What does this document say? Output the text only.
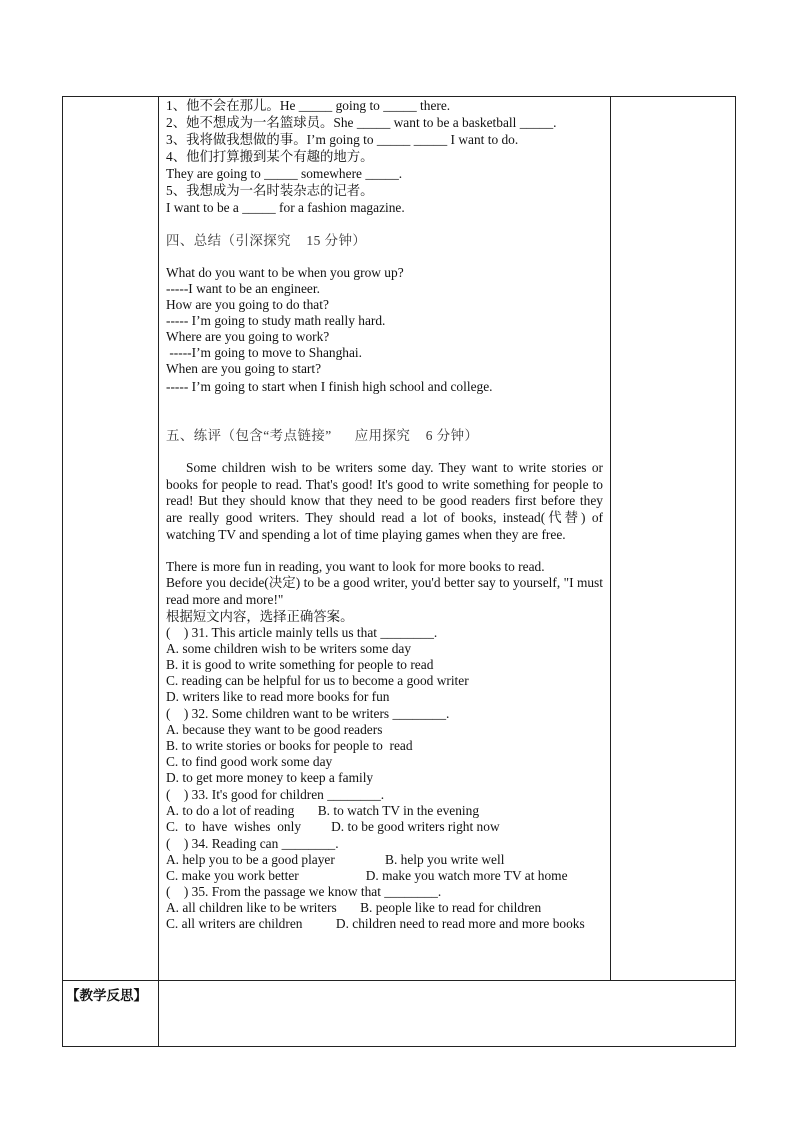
1、他不会在那儿。He _____ going to _____ there.
2、她不想成为一名篮球员。She _____ want to be a basketball _____.
3、我将做我想做的事。I’m going to _____ _____ I want to do.
4、他们打算搬到某个有趣的地方。
They are going to _____ somewhere _____.
5、我想成为一名时装杂志的记者。
I want to be a _____ for a fashion magazine.
四、总结（引深探究    15 分钟）
What do you want to be when you grow up?
-----I want to be an engineer.
How are you going to do that?
----- I’m going to study math really hard.
Where are you going to work?
-----I’m going to move to Shanghai.
When are you going to start?
----- I’m going to start when I finish high school and college.
五、练评（包含“考点链接”      应用探究    6 分钟）
Some children wish to be writers some day. They want to write stories or books for people to read. That's good! It's good to write something for people to read! But they should know that they need to be good readers first before they are really good writers. They should read a lot of books, instead(代替) of watching TV and spending a lot of time playing games when they are free.
There is more fun in reading, you want to look for more books to read.
Before you decide(决定) to be a good writer, you'd better say to yourself, "I must read more and more!"
根据短文内容，选择正确答案。
(    ) 31. This article mainly tells us that ________.
A. some children wish to be writers some day
B. it is good to write something for people to read
C. reading can be helpful for us to become a good writer
D. writers like to read more books for fun
(    ) 32. Some children want to be writers ________.
A. because they want to be good readers
B. to write stories or books for people to  read
C. to find good work some day
D. to get more money to keep a family
(    ) 33. It's good for children ________.
A. to do a lot of reading       B. to watch TV in the evening
C.  to  have  wishes  only         D. to be good writers right now
(    ) 34. Reading can ________.
A. help you to be a good player               B. help you write well
C. make you work better                    D. make you watch more TV at home
(    ) 35. From the passage we know that ________.
A. all children like to be writers       B. people like to read for children
C. all writers are children          D. children need to read more and more books
【教学反思】
